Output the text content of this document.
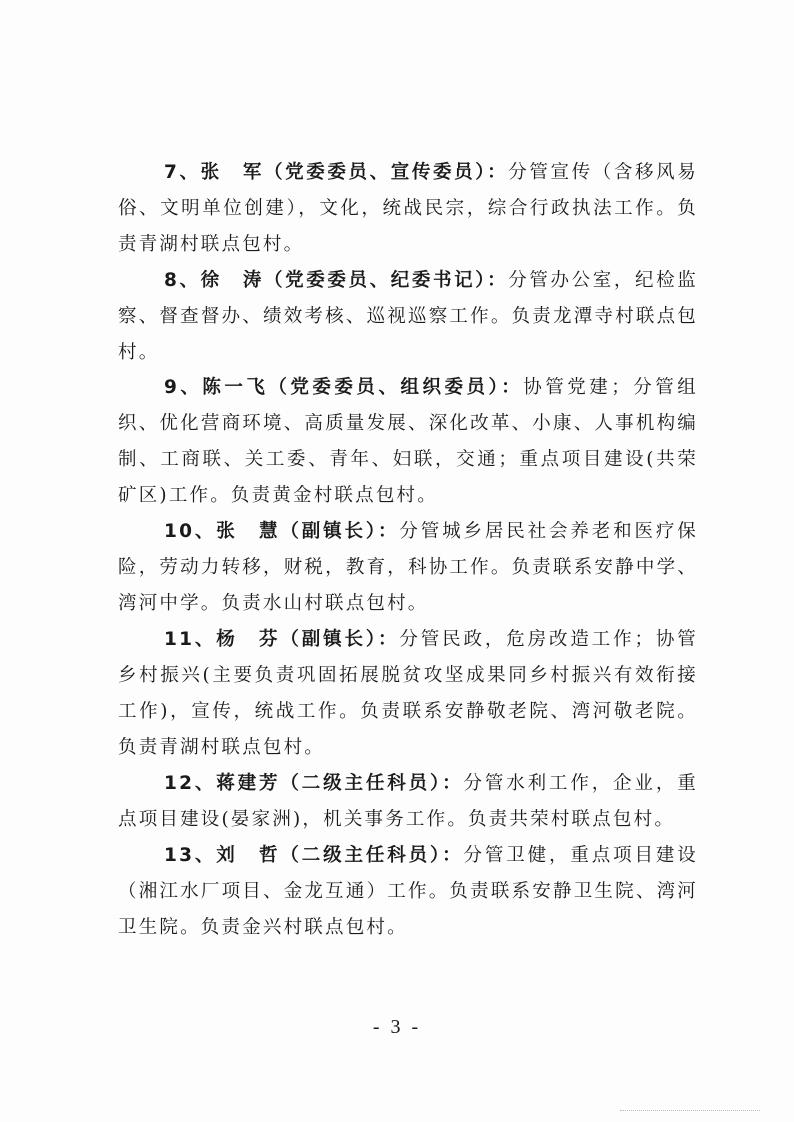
7、张　军（党委委员、宣传委员）：分管宣传（含移风易俗、文明单位创建），文化，统战民宗，综合行政执法工作。负责青湖村联点包村。

8、徐　涛（党委委员、纪委书记）：分管办公室，纪检监察、督查督办、绩效考核、巡视巡察工作。负责龙潭寺村联点包村。

9、陈一飞（党委委员、组织委员）：协管党建；分管组织、优化营商环境、高质量发展、深化改革、小康、人事机构编制、工商联、关工委、青年、妇联，交通；重点项目建设(共荣矿区)工作。负责黄金村联点包村。

10、张　慧（副镇长）：分管城乡居民社会养老和医疗保险，劳动力转移，财税，教育，科协工作。负责联系安静中学、湾河中学。负责水山村联点包村。

11、杨　芬（副镇长）：分管民政，危房改造工作；协管乡村振兴(主要负责巩固拓展脱贫攻坚成果同乡村振兴有效衔接工作)，宣传，统战工作。负责联系安静敬老院、湾河敬老院。负责青湖村联点包村。

12、蒋建芳（二级主任科员）：分管水利工作，企业，重点项目建设(晏家洲)，机关事务工作。负责共荣村联点包村。

13、刘　哲（二级主任科员）：分管卫健，重点项目建设（湘江水厂项目、金龙互通）工作。负责联系安静卫生院、湾河卫生院。负责金兴村联点包村。

- 3 -
